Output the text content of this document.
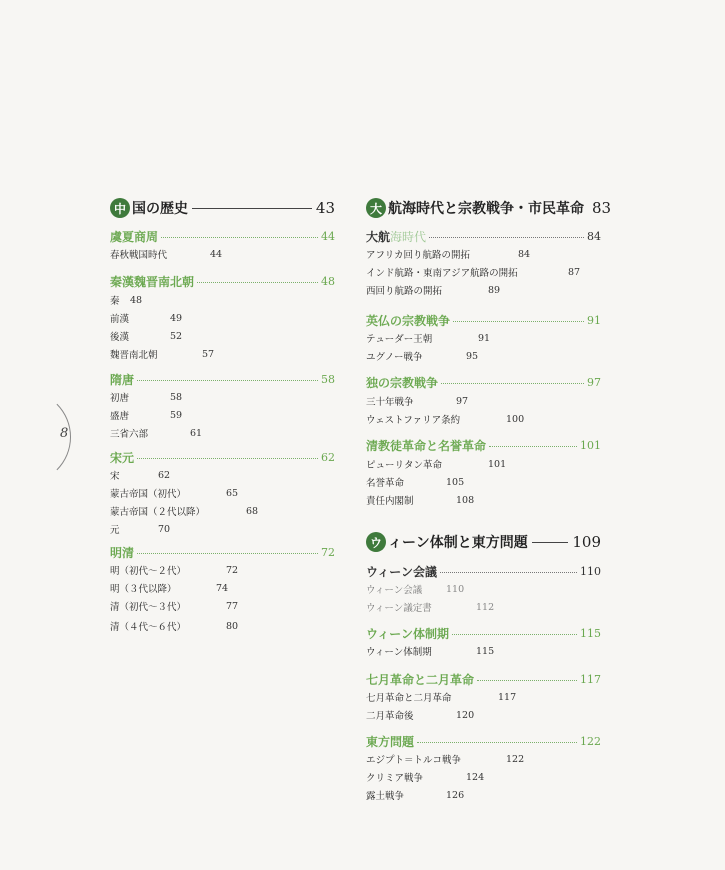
8
中 国の歴史	43
虞夏商周	44
春秋戦国時代	44
秦漢魏晋南北朝	48
秦 48
前漢	49
後漢	52
魏晋南北朝	57
隋唐	58
初唐	58
盛唐	59
三省六部	61
宋元	62
宋	62
蒙古帝国（初代）	65
蒙古帝国（２代以降）	68
元	70
明清	72
明（初代〜２代）	72
明（３代以降）	74
清（初代〜３代）	77
清（４代〜６代）	80
大 航海時代と宗教戦争・市民革命 83
大航海時代	84
アフリカ回り航路の開拓	84
インド航路・東南アジア航路の開拓	87
西回り航路の開拓	89
英仏の宗教戦争	91
テューダー王朝	91
ユグノー戦争	95
独の宗教戦争	97
三十年戦争	97
ウェストファリア条約	100
清教徒革命と名誉革命	101
ピューリタン革命	101
名誉革命	105
責任内閣制	108
ウ ィーン体制と東方問題	109
ウィーン会議	110
ウィーン会議	110
ウィーン議定書	112
ウィーン体制期	115
ウィーン体制期	115
七月革命と二月革命	117
七月革命と二月革命	117
二月革命後	120
東方問題	122
エジプト＝トルコ戦争	122
クリミア戦争	124
露土戦争	126
